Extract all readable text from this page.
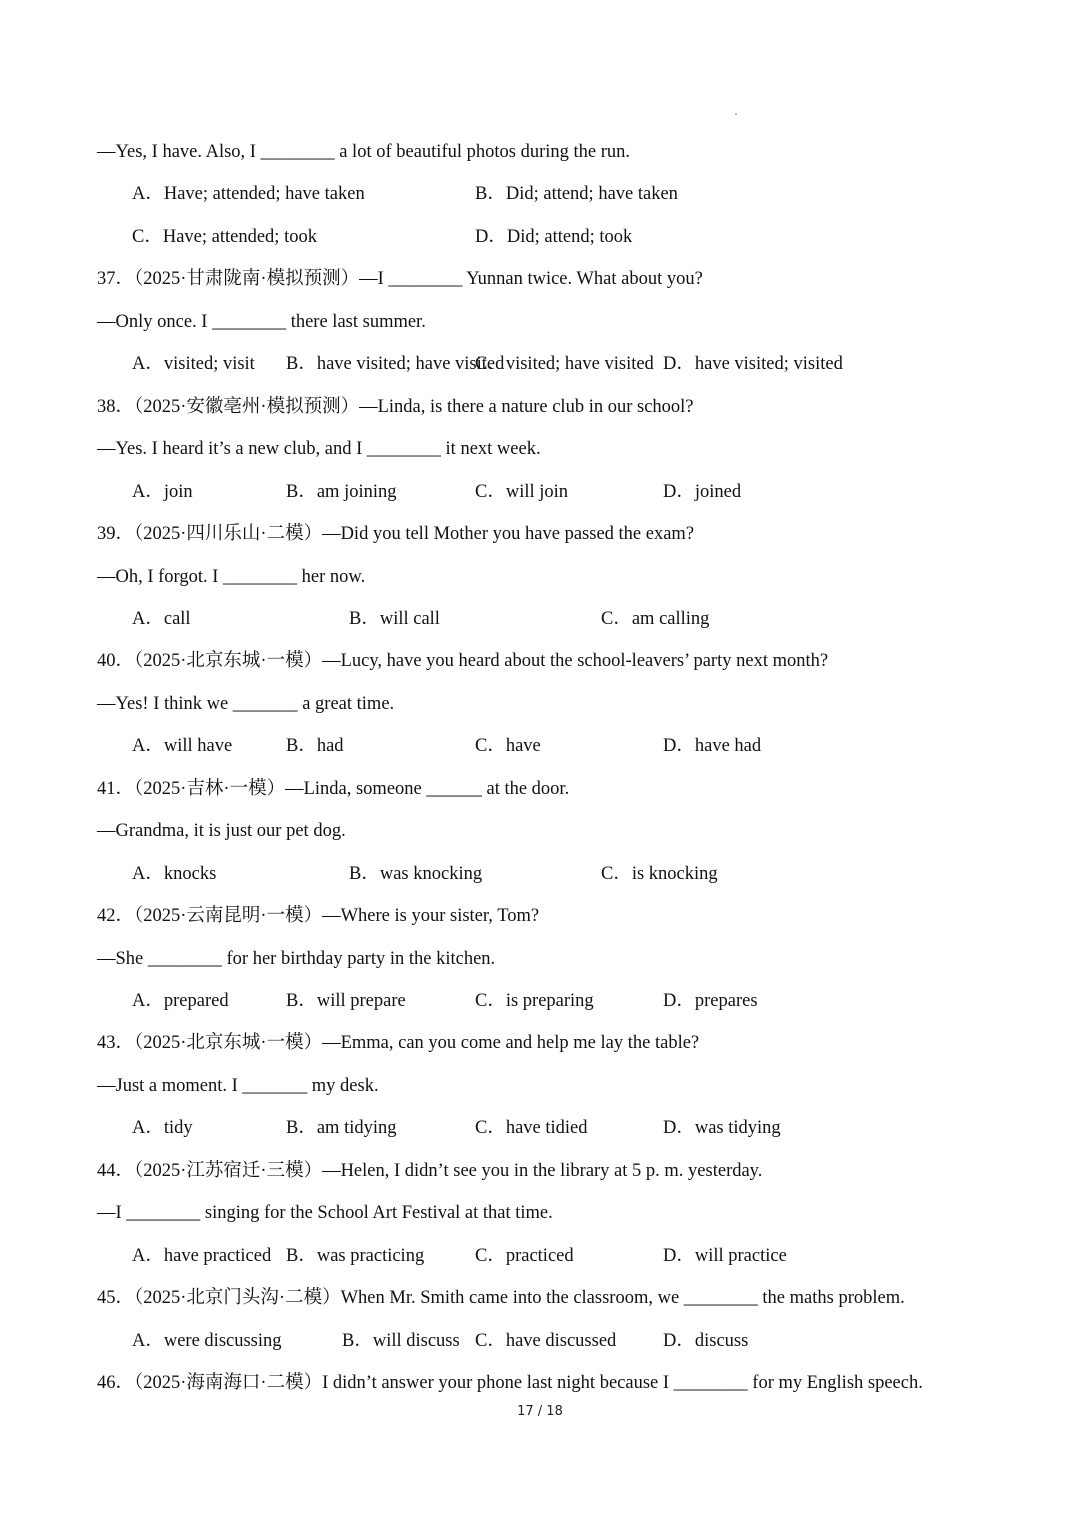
—Yes, I have. Also, I ________ a lot of beautiful photos during the run.
A．Have; attended; have taken	B．Did; attend; have taken
C．Have; attended; took	D．Did; attend; took
37．（2025·甘肃陇南·模拟预测）—I ________ Yunnan twice. What about you?
—Only once. I ________ there last summer.
A．visited; visit B．have visited; have visited
C．visited; have visited D．have visited; visited
38．（2025·安徽亳州·模拟预测）—Linda, is there a nature club in our school?
—Yes. I heard it’s a new club, and I ________ it next week.
A．join	B．am joining	C．will join	D．joined
39．（2025·四川乐山·二模）—Did you tell Mother you have passed the exam?
—Oh, I forgot. I ________ her now.
A．call	B．will call	C．am calling
40．（2025·北京东城·一模）—Lucy, have you heard about the school-leavers’ party next month?
—Yes! I think we _______ a great time.
A．will have	B．had	C．have	D．have had
41．（2025·吉林·一模）—Linda, someone ______ at the door.
—Grandma, it is just our pet dog.
A．knocks	B．was knocking	C．is knocking
42．（2025·云南昆明·一模）—Where is your sister, Tom?
—She ________ for her birthday party in the kitchen.
A．prepared	B．will prepare	C．is preparing	D．prepares
43．（2025·北京东城·一模）—Emma, can you come and help me lay the table?
—Just a moment. I _______ my desk.
A．tidy	B．am tidying	C．have tidied	D．was tidying
44．（2025·江苏宿迁·三模）—Helen, I didn’t see you in the library at 5 p. m. yesterday.
—I ________ singing for the School Art Festival at that time.
A．have practiced B．was practicing	C．practiced	D．will practice
45．（2025·北京门头沟·二模）When Mr. Smith came into the classroom, we ________ the maths problem.
A．were discussing	B．will discuss C．have discussed	D．discuss
46．（2025·海南海口·二模）I didn’t answer your phone last night because I ________ for my English speech.
17 / 18
